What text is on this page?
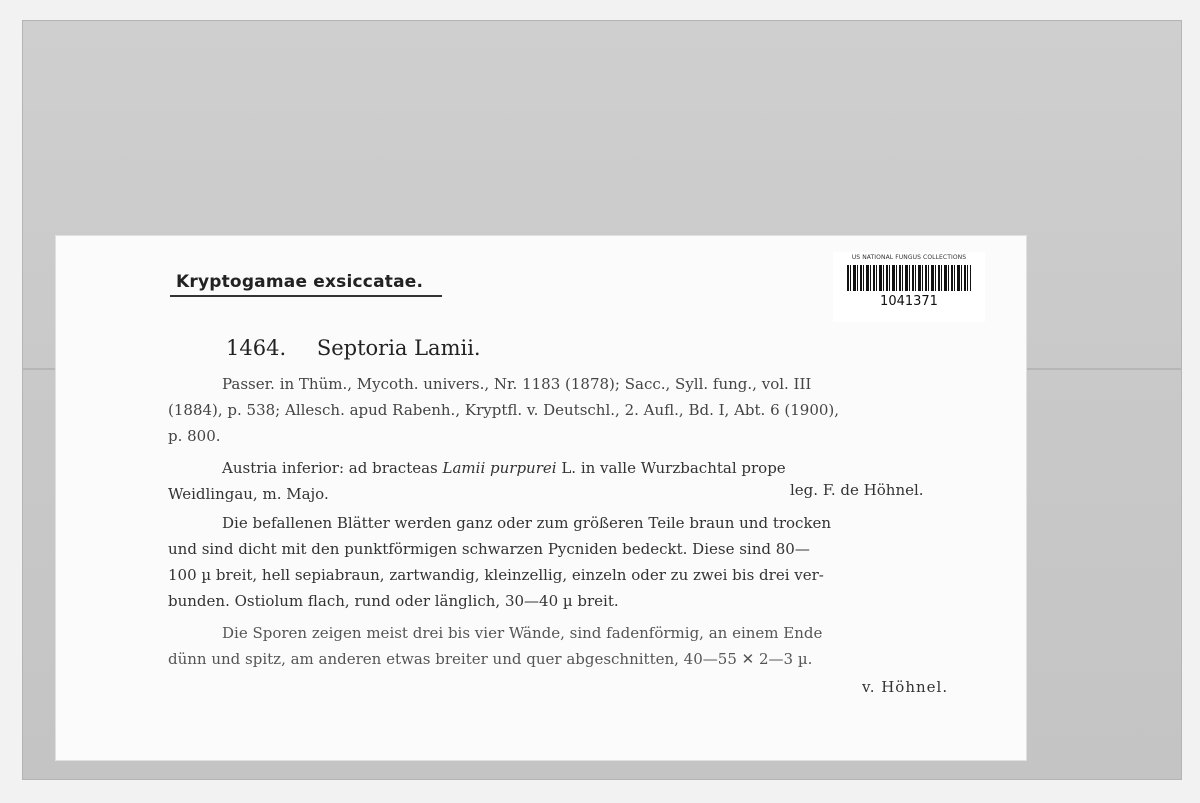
Kryptogamae exsiccatae.
US NATIONAL FUNGUS COLLECTIONS
1041371
1464. Septoria Lamii.
Passer. in Thüm., Mycoth. univers., Nr. 1183 (1878); Sacc., Syll. fung., vol. III
(1884), p. 538; Allesch. apud Rabenh., Kryptfl. v. Deutschl., 2. Aufl., Bd. I, Abt. 6 (1900),
p. 800.
Austria inferior: ad bracteas Lamii purpurei L. in valle Wurzbachtal prope
Weidlingau, m. Majo.	leg. F. de Höhnel.
Die befallenen Blätter werden ganz oder zum größeren Teile braun und trocken
und sind dicht mit den punktförmigen schwarzen Pycniden bedeckt. Diese sind 80—
100 µ breit, hell sepiabraun, zartwandig, kleinzellig, einzeln oder zu zwei bis drei ver-
bunden. Ostiolum flach, rund oder länglich, 30—40 µ breit.
Die Sporen zeigen meist drei bis vier Wände, sind fadenförmig, an einem Ende
dünn und spitz, am anderen etwas breiter und quer abgeschnitten, 40—55 ✕ 2—3 µ.
v. Höhnel.
